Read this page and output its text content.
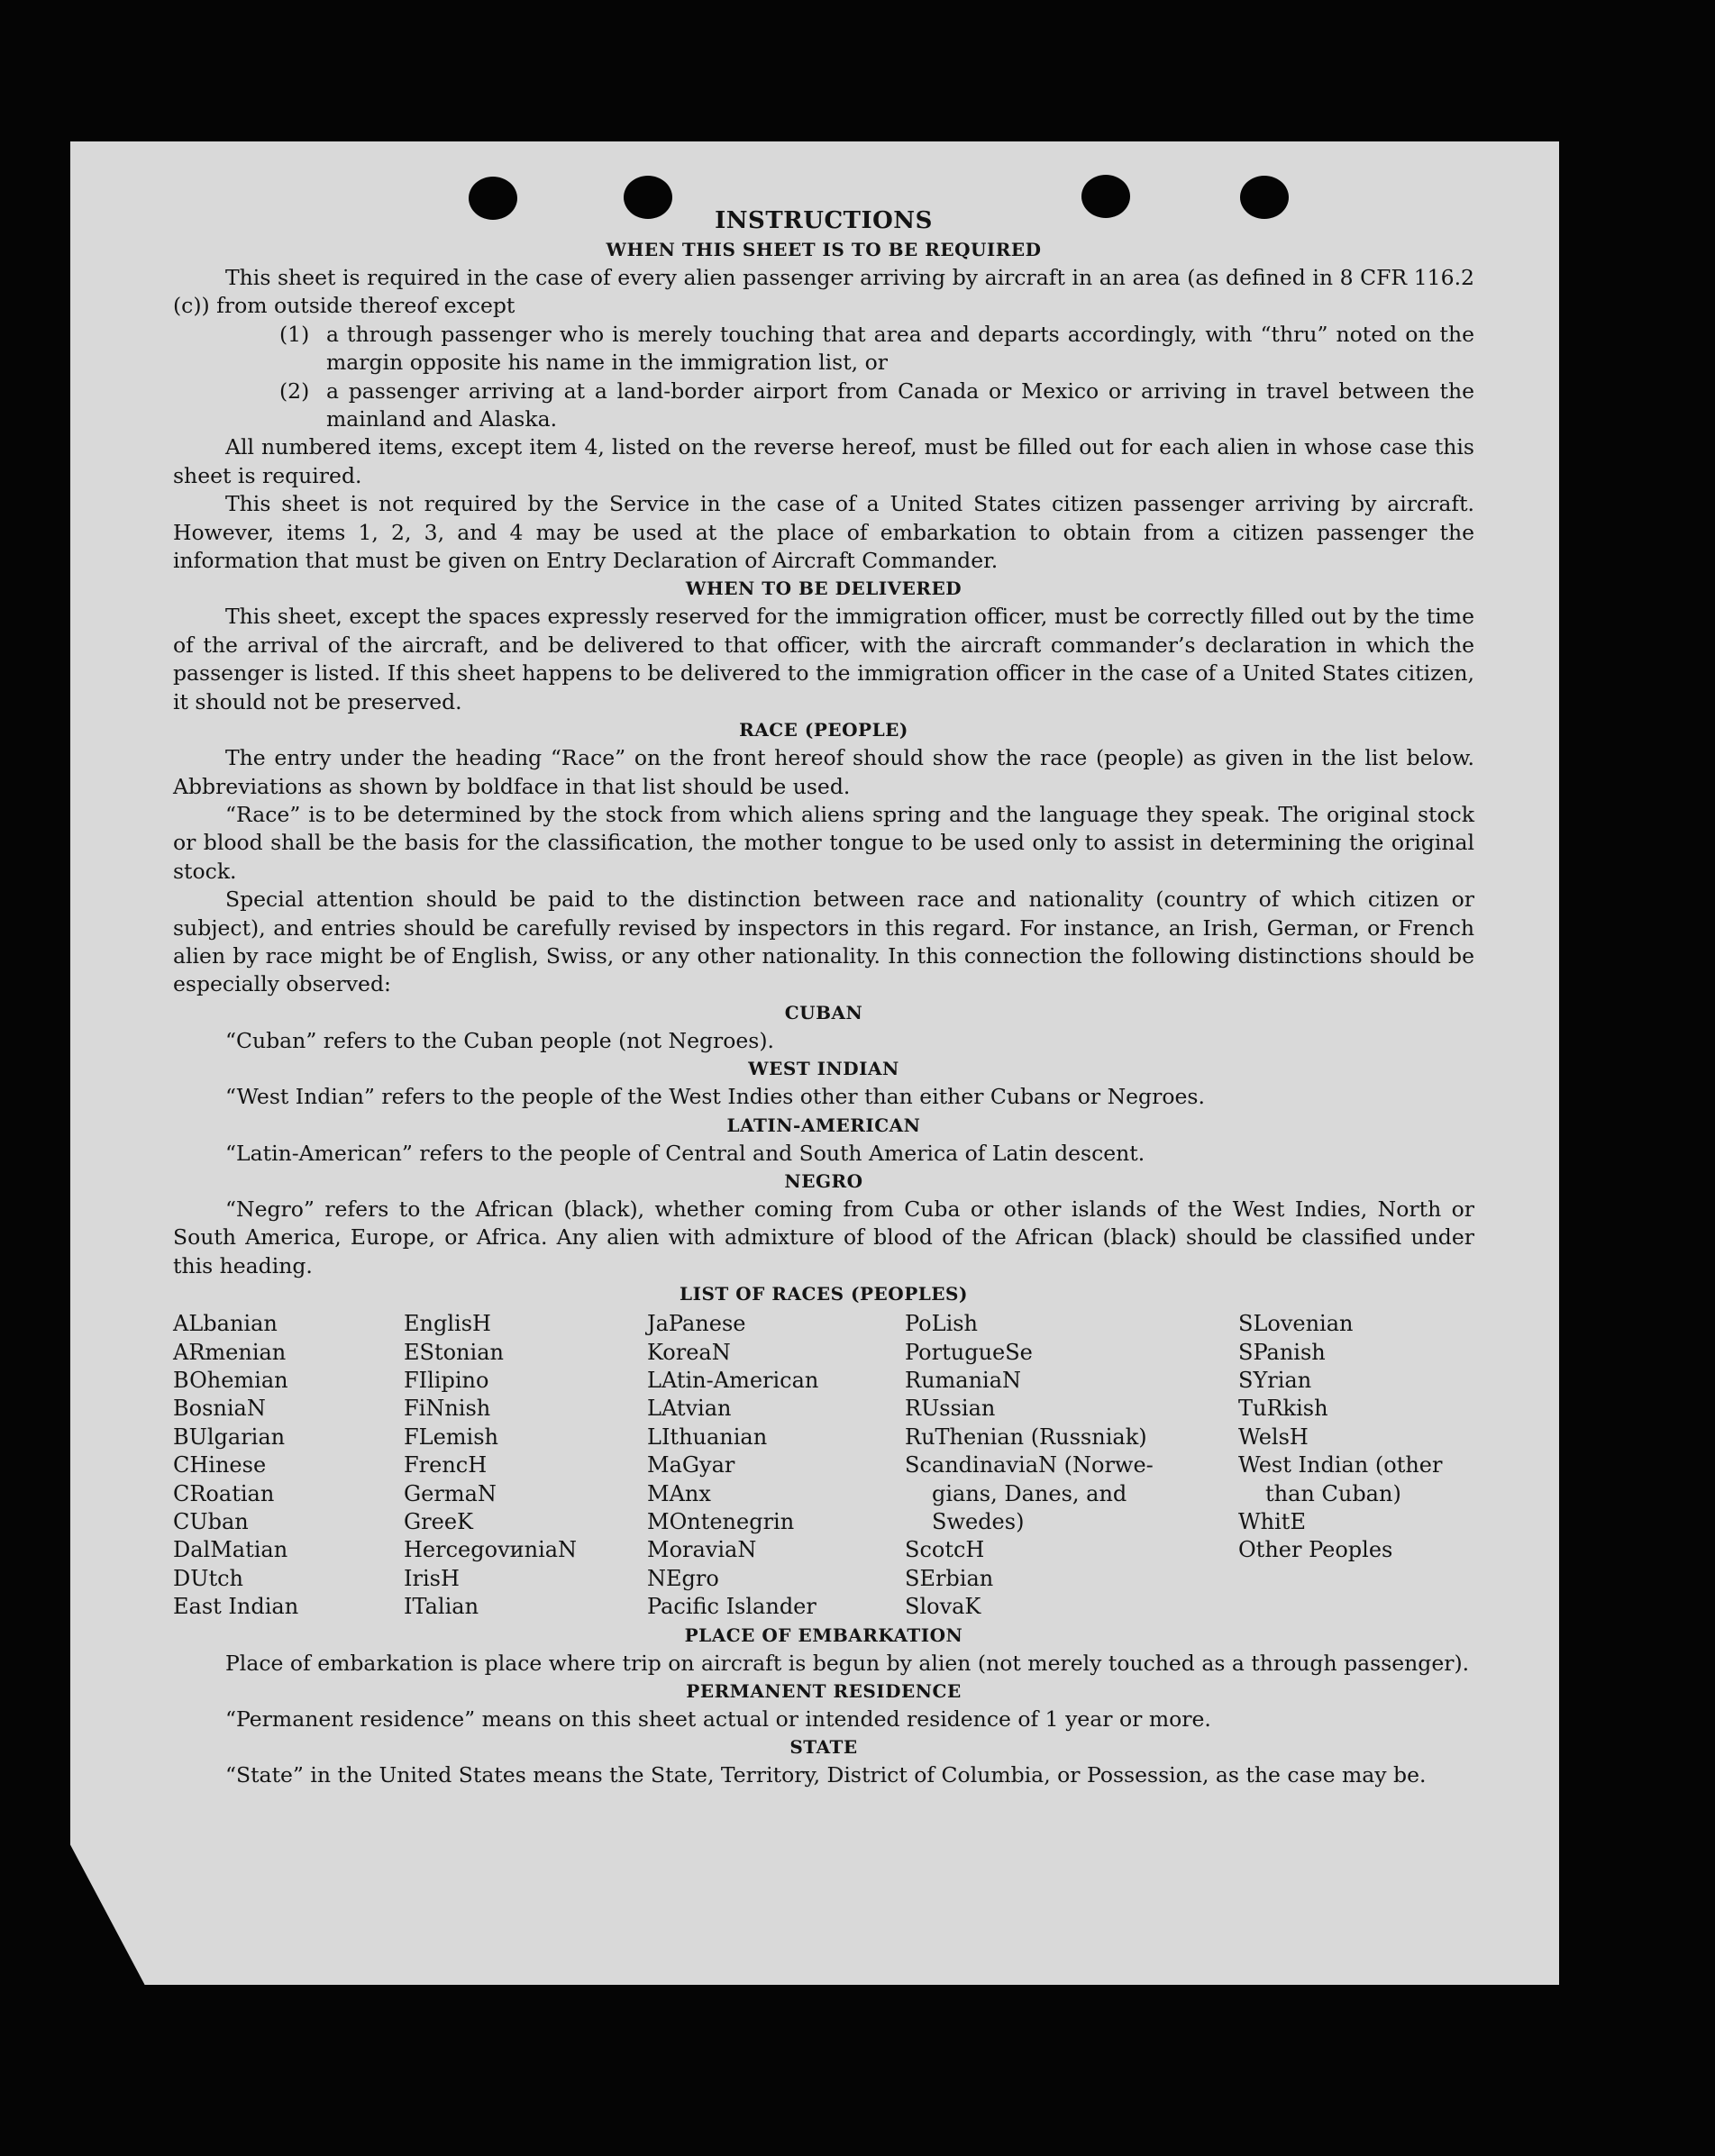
INSTRUCTIONS
WHEN THIS SHEET IS TO BE REQUIRED

This sheet is required in the case of every alien passenger arriving by aircraft in an area (as defined in 8 CFR 116.2 (c)) from outside thereof except

(1) a through passenger who is merely touching that area and departs accordingly, with “thru” noted on the margin opposite his name in the immigration list, or
(2) a passenger arriving at a land-border airport from Canada or Mexico or arriving in travel between the mainland and Alaska.

All numbered items, except item 4, listed on the reverse hereof, must be filled out for each alien in whose case this sheet is required.

This sheet is not required by the Service in the case of a United States citizen passenger arriving by aircraft. However, items 1, 2, 3, and 4 may be used at the place of embarkation to obtain from a citizen passenger the information that must be given on Entry Declaration of Aircraft Commander.

WHEN TO BE DELIVERED

This sheet, except the spaces expressly reserved for the immigration officer, must be correctly filled out by the time of the arrival of the aircraft, and be delivered to that officer, with the aircraft commander’s declaration in which the passenger is listed. If this sheet happens to be delivered to the immigration officer in the case of a United States citizen, it should not be preserved.

RACE (PEOPLE)

The entry under the heading “Race” on the front hereof should show the race (people) as given in the list below. Abbreviations as shown by boldface in that list should be used.

“Race” is to be determined by the stock from which aliens spring and the language they speak. The original stock or blood shall be the basis for the classification, the mother tongue to be used only to assist in determining the original stock.

Special attention should be paid to the distinction between race and nationality (country of which citizen or subject), and entries should be carefully revised by inspectors in this regard. For instance, an Irish, German, or French alien by race might be of English, Swiss, or any other nationality. In this connection the following distinctions should be especially observed:

CUBAN
“Cuban” refers to the Cuban people (not Negroes).
WEST INDIAN
“West Indian” refers to the people of the West Indies other than either Cubans or Negroes.
LATIN-AMERICAN
“Latin-American” refers to the people of Central and South America of Latin descent.
NEGRO

“Negro” refers to the African (black), whether coming from Cuba or other islands of the West Indies, North or South America, Europe, or Africa. Any alien with admixture of blood of the African (black) should be classified under this heading.

LIST OF RACES (PEOPLES)
ALbanian
ARmenian
BOhemian
BosniaN
BUlgarian
CHinese
CRoatian
CUban
DalMatian
DUtch
East Indian
EnglisH
EStonian
FIlipino
FiNnish
FLemish
FrencH
GermaN
GreeK
HercegovиniaN
IrisH
ITalian
JaPanese
KoreaN
LAtin-American
LAtvian
LIthuanian
MaGyar
MAnx
MOntenegrin
MoraviaN
NEgro
Pacific Islander
PoLish
PortugueSe
RumaniaN
RUssian
RuThenian (Russniak)
ScandinaviaN (Norwe-
gians, Danes, and
Swedes)
ScotcH
SErbian
SlovaK
SLovenian
SPanish
SYrian
TuRkish
WelsH
West Indian (other
than Cuban)
WhitE
Other Peoples
PLACE OF EMBARKATION

Place of embarkation is place where trip on aircraft is begun by alien (not merely touched as a through passenger).

PERMANENT RESIDENCE
“Permanent residence” means on this sheet actual or intended residence of 1 year or more.
STATE

“State” in the United States means the State, Territory, District of Columbia, or Possession, as the case may be.
